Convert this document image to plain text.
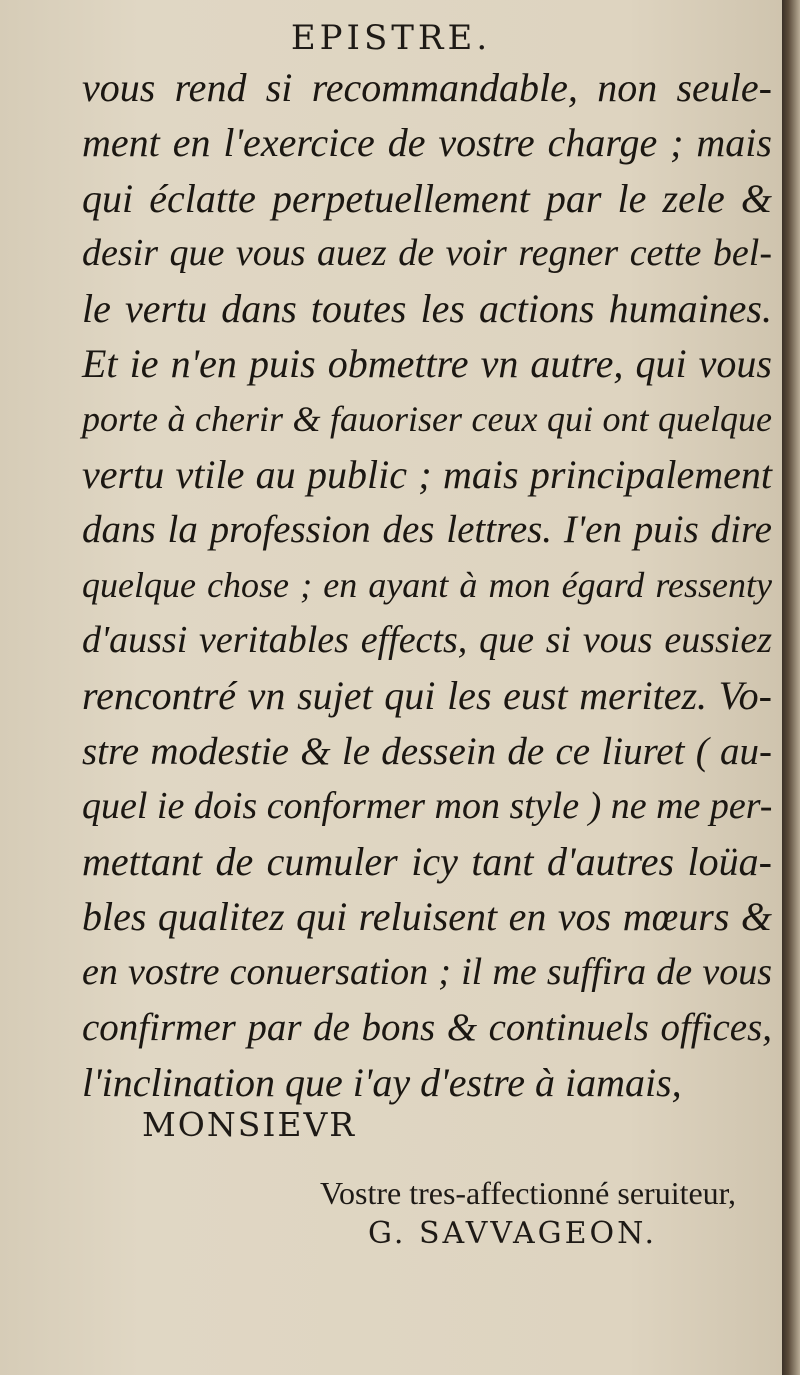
EPISTRE.
vous rend si recommandable, non seule-
ment en l'exercice de vostre charge ; mais
qui éclatte perpetuellement par le zele &
desir que vous auez de voir regner cette bel-
le vertu dans toutes les actions humaines.
Et ie n'en puis obmettre vn autre, qui vous
porte à cherir & fauoriser ceux qui ont quelque
vertu vtile au public ; mais principalement
dans la profession des lettres. I'en puis dire
quelque chose ; en ayant à mon égard ressenty
d'aussi veritables effects, que si vous eussiez
rencontré vn sujet qui les eust meritez. Vo-
stre modestie & le dessein de ce liuret ( au-
quel ie dois conformer mon style ) ne me per-
mettant de cumuler icy tant d'autres loüa-
bles qualitez qui reluisent en vos mœurs &
en vostre conuersation ; il me suffira de vous
confirmer par de bons & continuels offices,
l'inclination que i'ay d'estre à iamais,
MONSIEVR
Vostre tres-affectionné seruiteur,
G. SAVVAGEON.
